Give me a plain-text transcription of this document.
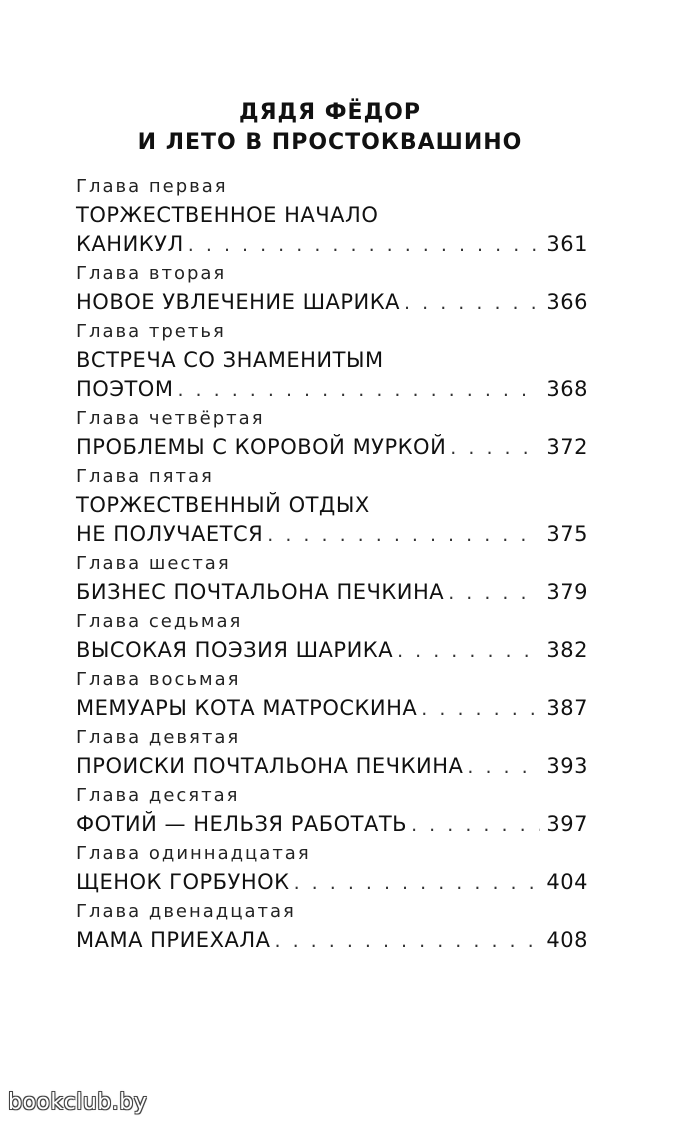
ДЯДЯ ФЁДОР
И ЛЕТО В ПРОСТОКВАШИНО
Глава первая
ТОРЖЕСТВЕННОЕ НАЧАЛО
КАНИКУЛ . . .	361
Глава вторая
НОВОЕ УВЛЕЧЕНИЕ ШАРИКА . . .	366
Глава третья
ВСТРЕЧА СО ЗНАМЕНИТЫМ
ПОЭТОМ . . .	368
Глава четвёртая
ПРОБЛЕМЫ С КОРОВОЙ МУРКОЙ . . .	372
Глава пятая
ТОРЖЕСТВЕННЫЙ ОТДЫХ
НЕ ПОЛУЧАЕТСЯ . . .	375
Глава шестая
БИЗНЕС ПОЧТАЛЬОНА ПЕЧКИНА . . .	379
Глава седьмая
ВЫСОКАЯ ПОЭЗИЯ ШАРИКА . . .	382
Глава восьмая
МЕМУАРЫ КОТА МАТРОСКИНА . . .	387
Глава девятая
ПРОИСКИ ПОЧТАЛЬОНА ПЕЧКИНА . . .	393
Глава десятая
ФОТИЙ — НЕЛЬЗЯ РАБОТАТЬ . . .	397
Глава одиннадцатая
ЩЕНОК ГОРБУНОК . . .	404
Глава двенадцатая
МАМА ПРИЕХАЛА . . .	408
bookclub.by
